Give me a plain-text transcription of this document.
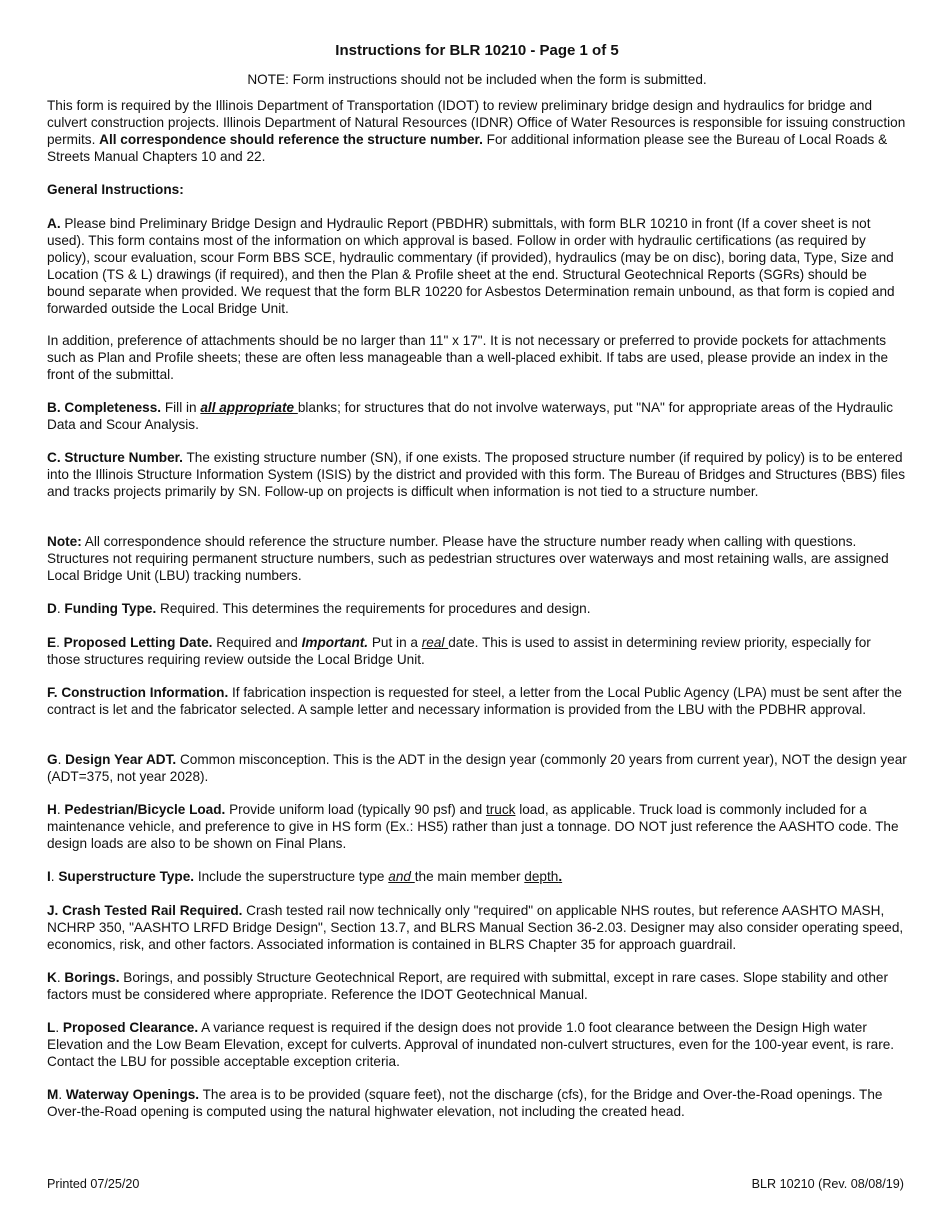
Instructions for BLR 10210 - Page 1 of 5
NOTE: Form instructions should not be included when the form is submitted.

This form is required by the Illinois Department of Transportation (IDOT) to review preliminary bridge design and hydraulics for bridge and culvert construction projects. Illinois Department of Natural Resources (IDNR) Office of Water Resources is responsible for issuing construction permits. All correspondence should reference the structure number. For additional information please see the Bureau of Local Roads & Streets Manual Chapters 10 and 22.

General Instructions:

A. Please bind Preliminary Bridge Design and Hydraulic Report (PBDHR) submittals, with form BLR 10210 in front (If a cover sheet is not used). This form contains most of the information on which approval is based. Follow in order with hydraulic certifications (as required by policy), scour evaluation, scour Form BBS SCE, hydraulic commentary (if provided), hydraulics (may be on disc), boring data, Type, Size and Location (TS & L) drawings (if required), and then the Plan & Profile sheet at the end. Structural Geotechnical Reports (SGRs) should be bound separate when provided. We request that the form BLR 10220 for Asbestos Determination remain unbound, as that form is copied and forwarded outside the Local Bridge Unit.

In addition, preference of attachments should be no larger than 11" x 17". It is not necessary or preferred to provide pockets for attachments such as Plan and Profile sheets; these are often less manageable than a well-placed exhibit. If tabs are used, please provide an index in the front of the submittal.

B. Completeness. Fill in all appropriate blanks; for structures that do not involve waterways, put "NA" for appropriate areas of the Hydraulic Data and Scour Analysis.

C. Structure Number. The existing structure number (SN), if one exists. The proposed structure number (if required by policy) is to be entered into the Illinois Structure Information System (ISIS) by the district and provided with this form. The Bureau of Bridges and Structures (BBS) files and tracks projects primarily by SN. Follow-up on projects is difficult when information is not tied to a structure number.

Note: All correspondence should reference the structure number. Please have the structure number ready when calling with questions. Structures not requiring permanent structure numbers, such as pedestrian structures over waterways and most retaining walls, are assigned Local Bridge Unit (LBU) tracking numbers.

D. Funding Type. Required. This determines the requirements for procedures and design.

E. Proposed Letting Date. Required and Important. Put in a real date. This is used to assist in determining review priority, especially for those structures requiring review outside the Local Bridge Unit.

F. Construction Information. If fabrication inspection is requested for steel, a letter from the Local Public Agency (LPA) must be sent after the contract is let and the fabricator selected. A sample letter and necessary information is provided from the LBU with the PDBHR approval.

G. Design Year ADT. Common misconception. This is the ADT in the design year (commonly 20 years from current year), NOT the design year (ADT=375, not year 2028).

H. Pedestrian/Bicycle Load. Provide uniform load (typically 90 psf) and truck load, as applicable. Truck load is commonly included for a maintenance vehicle, and preference to give in HS form (Ex.: HS5) rather than just a tonnage. DO NOT just reference the AASHTO code. The design loads are also to be shown on Final Plans.

I. Superstructure Type. Include the superstructure type and the main member depth.

J. Crash Tested Rail Required. Crash tested rail now technically only "required" on applicable NHS routes, but reference AASHTO MASH, NCHRP 350, "AASHTO LRFD Bridge Design", Section 13.7, and BLRS Manual Section 36-2.03. Designer may also consider operating speed, economics, risk, and other factors. Associated information is contained in BLRS Chapter 35 for approach guardrail.

K. Borings. Borings, and possibly Structure Geotechnical Report, are required with submittal, except in rare cases. Slope stability and other factors must be considered where appropriate. Reference the IDOT Geotechnical Manual.

L. Proposed Clearance. A variance request is required if the design does not provide 1.0 foot clearance between the Design High water Elevation and the Low Beam Elevation, except for culverts. Approval of inundated non-culvert structures, even for the 100-year event, is rare. Contact the LBU for possible acceptable exception criteria.

M. Waterway Openings. The area is to be provided (square feet), not the discharge (cfs), for the Bridge and Over-the-Road openings. The Over-the-Road opening is computed using the natural highwater elevation, not including the created head.

Printed 07/25/20	BLR 10210 (Rev. 08/08/19)
